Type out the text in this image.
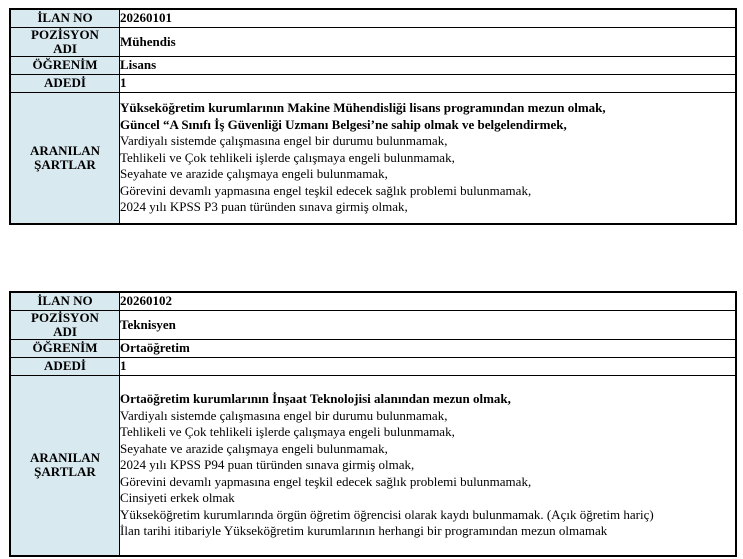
İLAN NO	20260101

POZİSYON ADI	Mühendis

ÖĞRENİM	Lisans

ADEDİ	1

ARANILAN ŞARTLAR

Yükseköğretim kurumlarının Makine Mühendisliği lisans programından mezun olmak,
Güncel “A Sınıfı İş Güvenliği Uzmanı Belgesi’ne sahip olmak ve belgelendirmek,
Vardiyalı sistemde çalışmasına engel bir durumu bulunmamak,
Tehlikeli ve Çok tehlikeli işlerde çalışmaya engeli bulunmamak,
Seyahate ve arazide çalışmaya engeli bulunmamak,
Görevini devamlı yapmasına engel teşkil edecek sağlık problemi bulunmamak,
2024 yılı KPSS P3 puan türünden sınava girmiş olmak,
İLAN NO	20260102

POZİSYON ADI	Teknisyen

ÖĞRENİM	Ortaöğretim

ADEDİ	1

ARANILAN ŞARTLAR

Ortaöğretim kurumlarının İnşaat Teknolojisi alanından mezun olmak,
Vardiyalı sistemde çalışmasına engel bir durumu bulunmamak,
Tehlikeli ve Çok tehlikeli işlerde çalışmaya engeli bulunmamak,
Seyahate ve arazide çalışmaya engeli bulunmamak,
2024 yılı KPSS P94 puan türünden sınava girmiş olmak,
Görevini devamlı yapmasına engel teşkil edecek sağlık problemi bulunmamak,
Cinsiyeti erkek olmak
Yükseköğretim kurumlarında örgün öğretim öğrencisi olarak kaydı bulunmamak. (Açık öğretim hariç)
İlan tarihi itibariyle Yükseköğretim kurumlarının herhangi bir programından mezun olmamak
